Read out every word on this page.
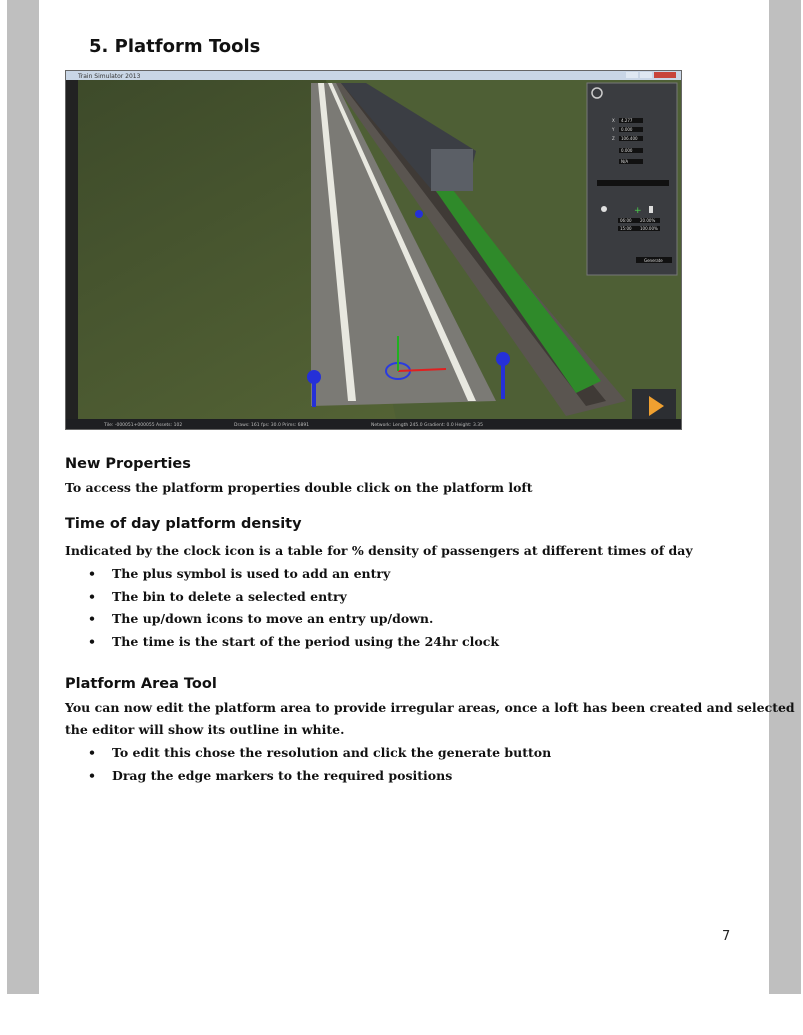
5. Platform Tools
Train Simulator 2013
+
Tile: -000051+000055 Assets: 102	Draws: 161 fps: 30.0 Prims: 6891	Network: Length 245.0 Gradient: 0.0 Height: 3.35
X 4.277
Y 0.000
Z 106.400
0.000
N/A
06:00 20.00%
15:00 100.00%
Generate
New Properties
To access the platform properties double click on the platform loft
Time of day platform density
Indicated by the clock icon is a table for % density of passengers at different times of day
• The plus symbol is used to add an entry
• The bin to delete a selected entry
• The up/down icons to move an entry up/down.
• The time is the start of the period using the 24hr clock
Platform Area Tool
You can now edit the platform area to provide irregular areas, once a loft has been created and selected
the editor will show its outline in white.
• To edit this chose the resolution and click the generate button
• Drag the edge markers to the required positions
7
